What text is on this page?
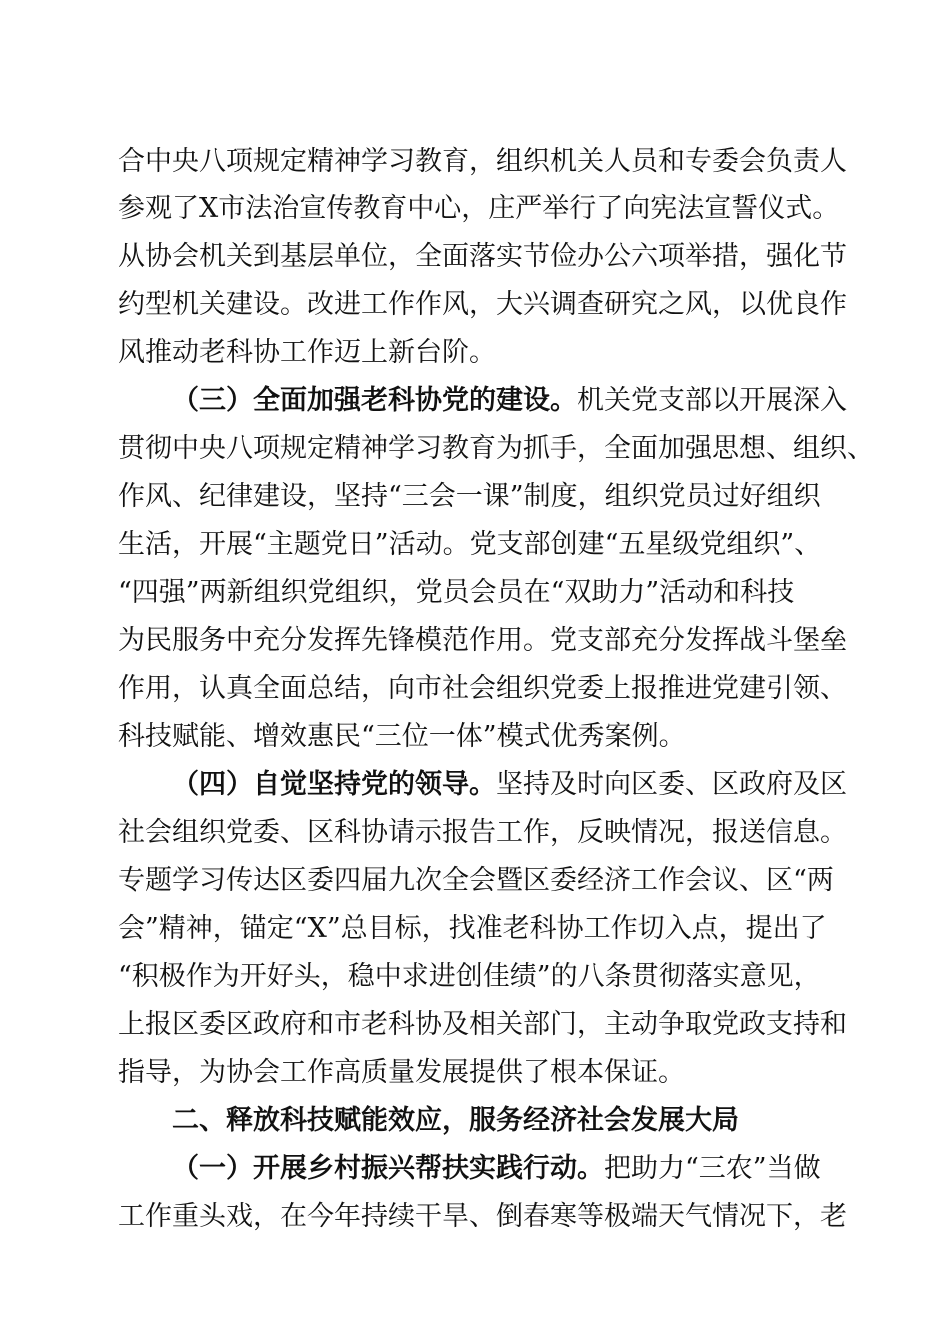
合中央八项规定精神学习教育，组织机关人员和专委会负责人
参观了X市法治宣传教育中心，庄严举行了向宪法宣誓仪式。
从协会机关到基层单位，全面落实节俭办公六项举措，强化节
约型机关建设。改进工作作风，大兴调查研究之风，以优良作
风推动老科协工作迈上新台阶。
（三）全面加强老科协党的建设。机关党支部以开展深入
贯彻中央八项规定精神学习教育为抓手，全面加强思想、组织、
作风、纪律建设，坚持“三会一课”制度，组织党员过好组织
生活，开展“主题党日”活动。党支部创建“五星级党组织”、
“四强”两新组织党组织，党员会员在“双助力”活动和科技
为民服务中充分发挥先锋模范作用。党支部充分发挥战斗堡垒
作用，认真全面总结，向市社会组织党委上报推进党建引领、
科技赋能、增效惠民“三位一体”模式优秀案例。
（四）自觉坚持党的领导。坚持及时向区委、区政府及区
社会组织党委、区科协请示报告工作，反映情况，报送信息。
专题学习传达区委四届九次全会暨区委经济工作会议、区“两
会”精神，锚定“X”总目标，找准老科协工作切入点，提出了
“积极作为开好头，稳中求进创佳绩”的八条贯彻落实意见，
上报区委区政府和市老科协及相关部门，主动争取党政支持和
指导，为协会工作高质量发展提供了根本保证。
二、释放科技赋能效应，服务经济社会发展大局
（一）开展乡村振兴帮扶实践行动。把助力“三农”当做
工作重头戏，在今年持续干旱、倒春寒等极端天气情况下，老
